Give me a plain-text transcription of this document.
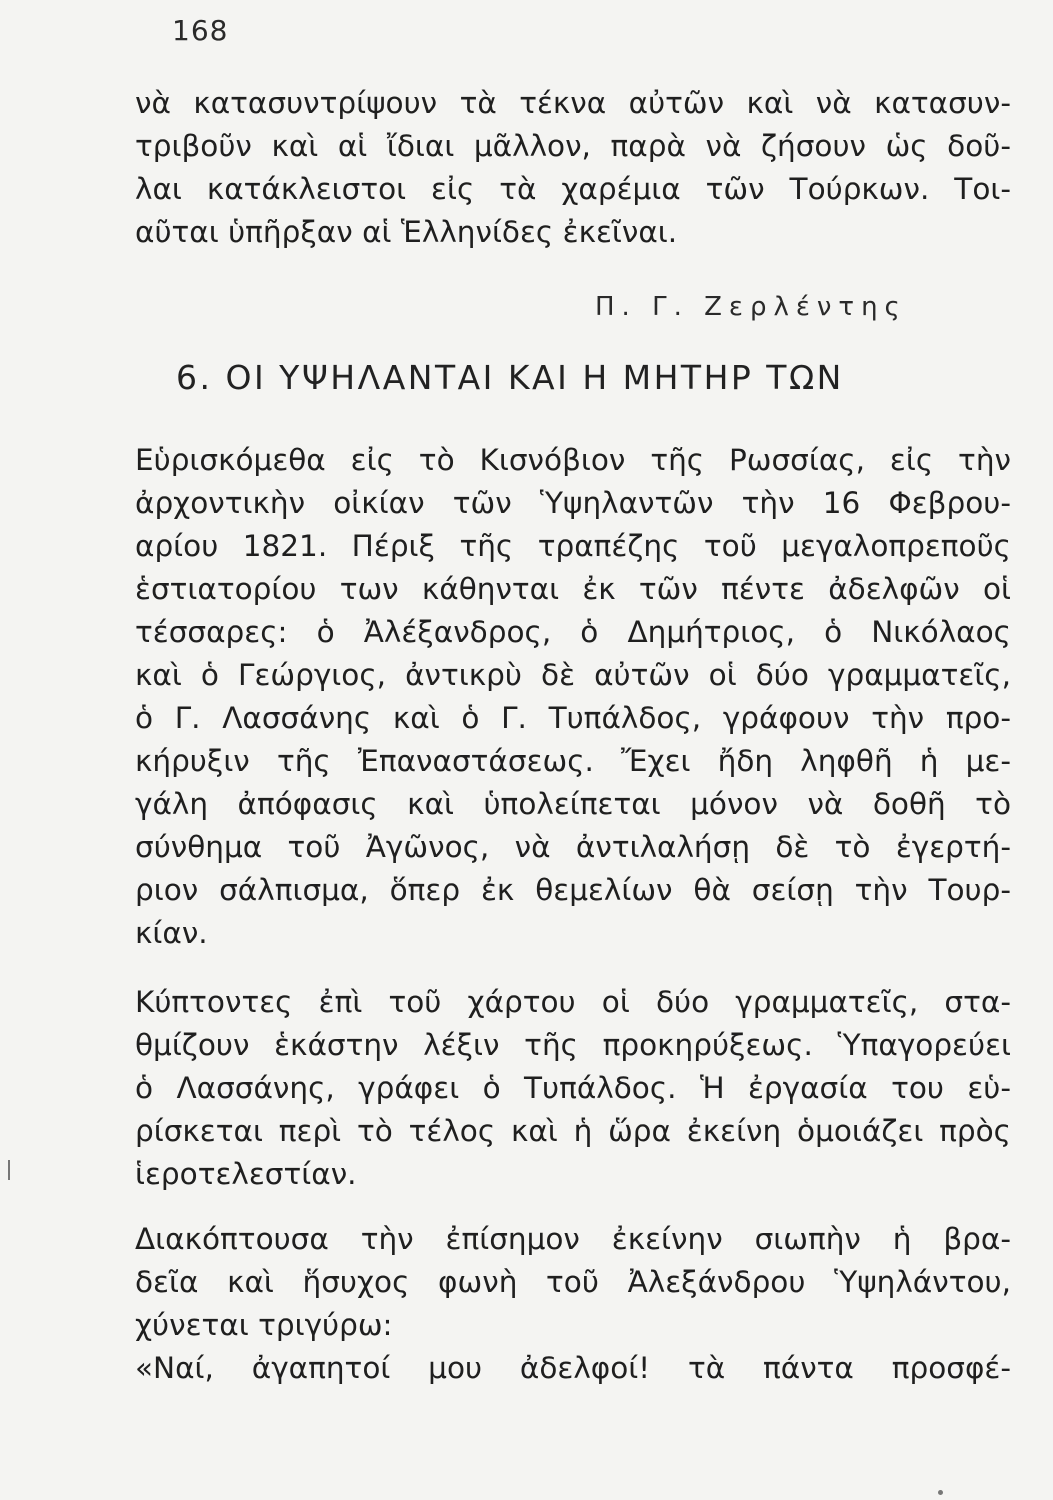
168
νὰ κατασυντρίψουν τὰ τέκνα αὐτῶν καὶ νὰ κατασυν-
τριβοῦν καὶ αἱ ἴδιαι μᾶλλον, παρὰ νὰ ζήσουν ὡς δοῦ-
λαι κατάκλειστοι εἰς τὰ χαρέμια τῶν Τούρκων. Τοι-
αῦται ὑπῆρξαν αἱ Ἑλληνίδες ἐκεῖναι.
Π. Γ. Ζερλέντης
6. ΟΙ ΥΨΗΛΑΝΤΑΙ ΚΑΙ Η ΜΗΤΗΡ ΤΩΝ
Εὑρισκόμεθα εἰς τὸ Κισνόβιον τῆς Ρωσσίας, εἰς τὴν
ἀρχοντικὴν οἰκίαν τῶν Ὑψηλαντῶν τὴν 16 Φεβρου-
αρίου 1821. Πέριξ τῆς τραπέζης τοῦ μεγαλοπρεποῦς
ἑστιατορίου των κάθηνται ἐκ τῶν πέντε ἀδελφῶν οἱ
τέσσαρες: ὁ Ἀλέξανδρος, ὁ Δημήτριος, ὁ Νικόλαος
καὶ ὁ Γεώργιος, ἀντικρὺ δὲ αὐτῶν οἱ δύο γραμματεῖς,
ὁ Γ. Λασσάνης καὶ ὁ Γ. Τυπάλδος, γράφουν τὴν προ-
κήρυξιν τῆς Ἐπαναστάσεως. Ἔχει ἤδη ληφθῆ ἡ με-
γάλη ἀπόφασις καὶ ὑπολείπεται μόνον νὰ δοθῆ τὸ
σύνθημα τοῦ Ἀγῶνος, νὰ ἀντιλαλήσῃ δὲ τὸ ἐγερτή-
ριον σάλπισμα, ὅπερ ἐκ θεμελίων θὰ σείσῃ τὴν Τουρ-
κίαν.
Κύπτοντες ἐπὶ τοῦ χάρτου οἱ δύο γραμματεῖς, στα-
θμίζουν ἑκάστην λέξιν τῆς προκηρύξεως. Ὑπαγορεύει
ὁ Λασσάνης, γράφει ὁ Τυπάλδος. Ἡ ἐργασία του εὑ-
ρίσκεται περὶ τὸ τέλος καὶ ἡ ὥρα ἐκείνη ὁμοιάζει πρὸς
ἱεροτελεστίαν.
Διακόπτουσα τὴν ἐπίσημον ἐκείνην σιωπὴν ἡ βρα-
δεῖα καὶ ἥσυχος φωνὴ τοῦ Ἀλεξάνδρου Ὑψηλάντου,
χύνεται τριγύρω:
«Ναί, ἀγαπητοί μου ἀδελφοί! τὰ πάντα προσφέ-
